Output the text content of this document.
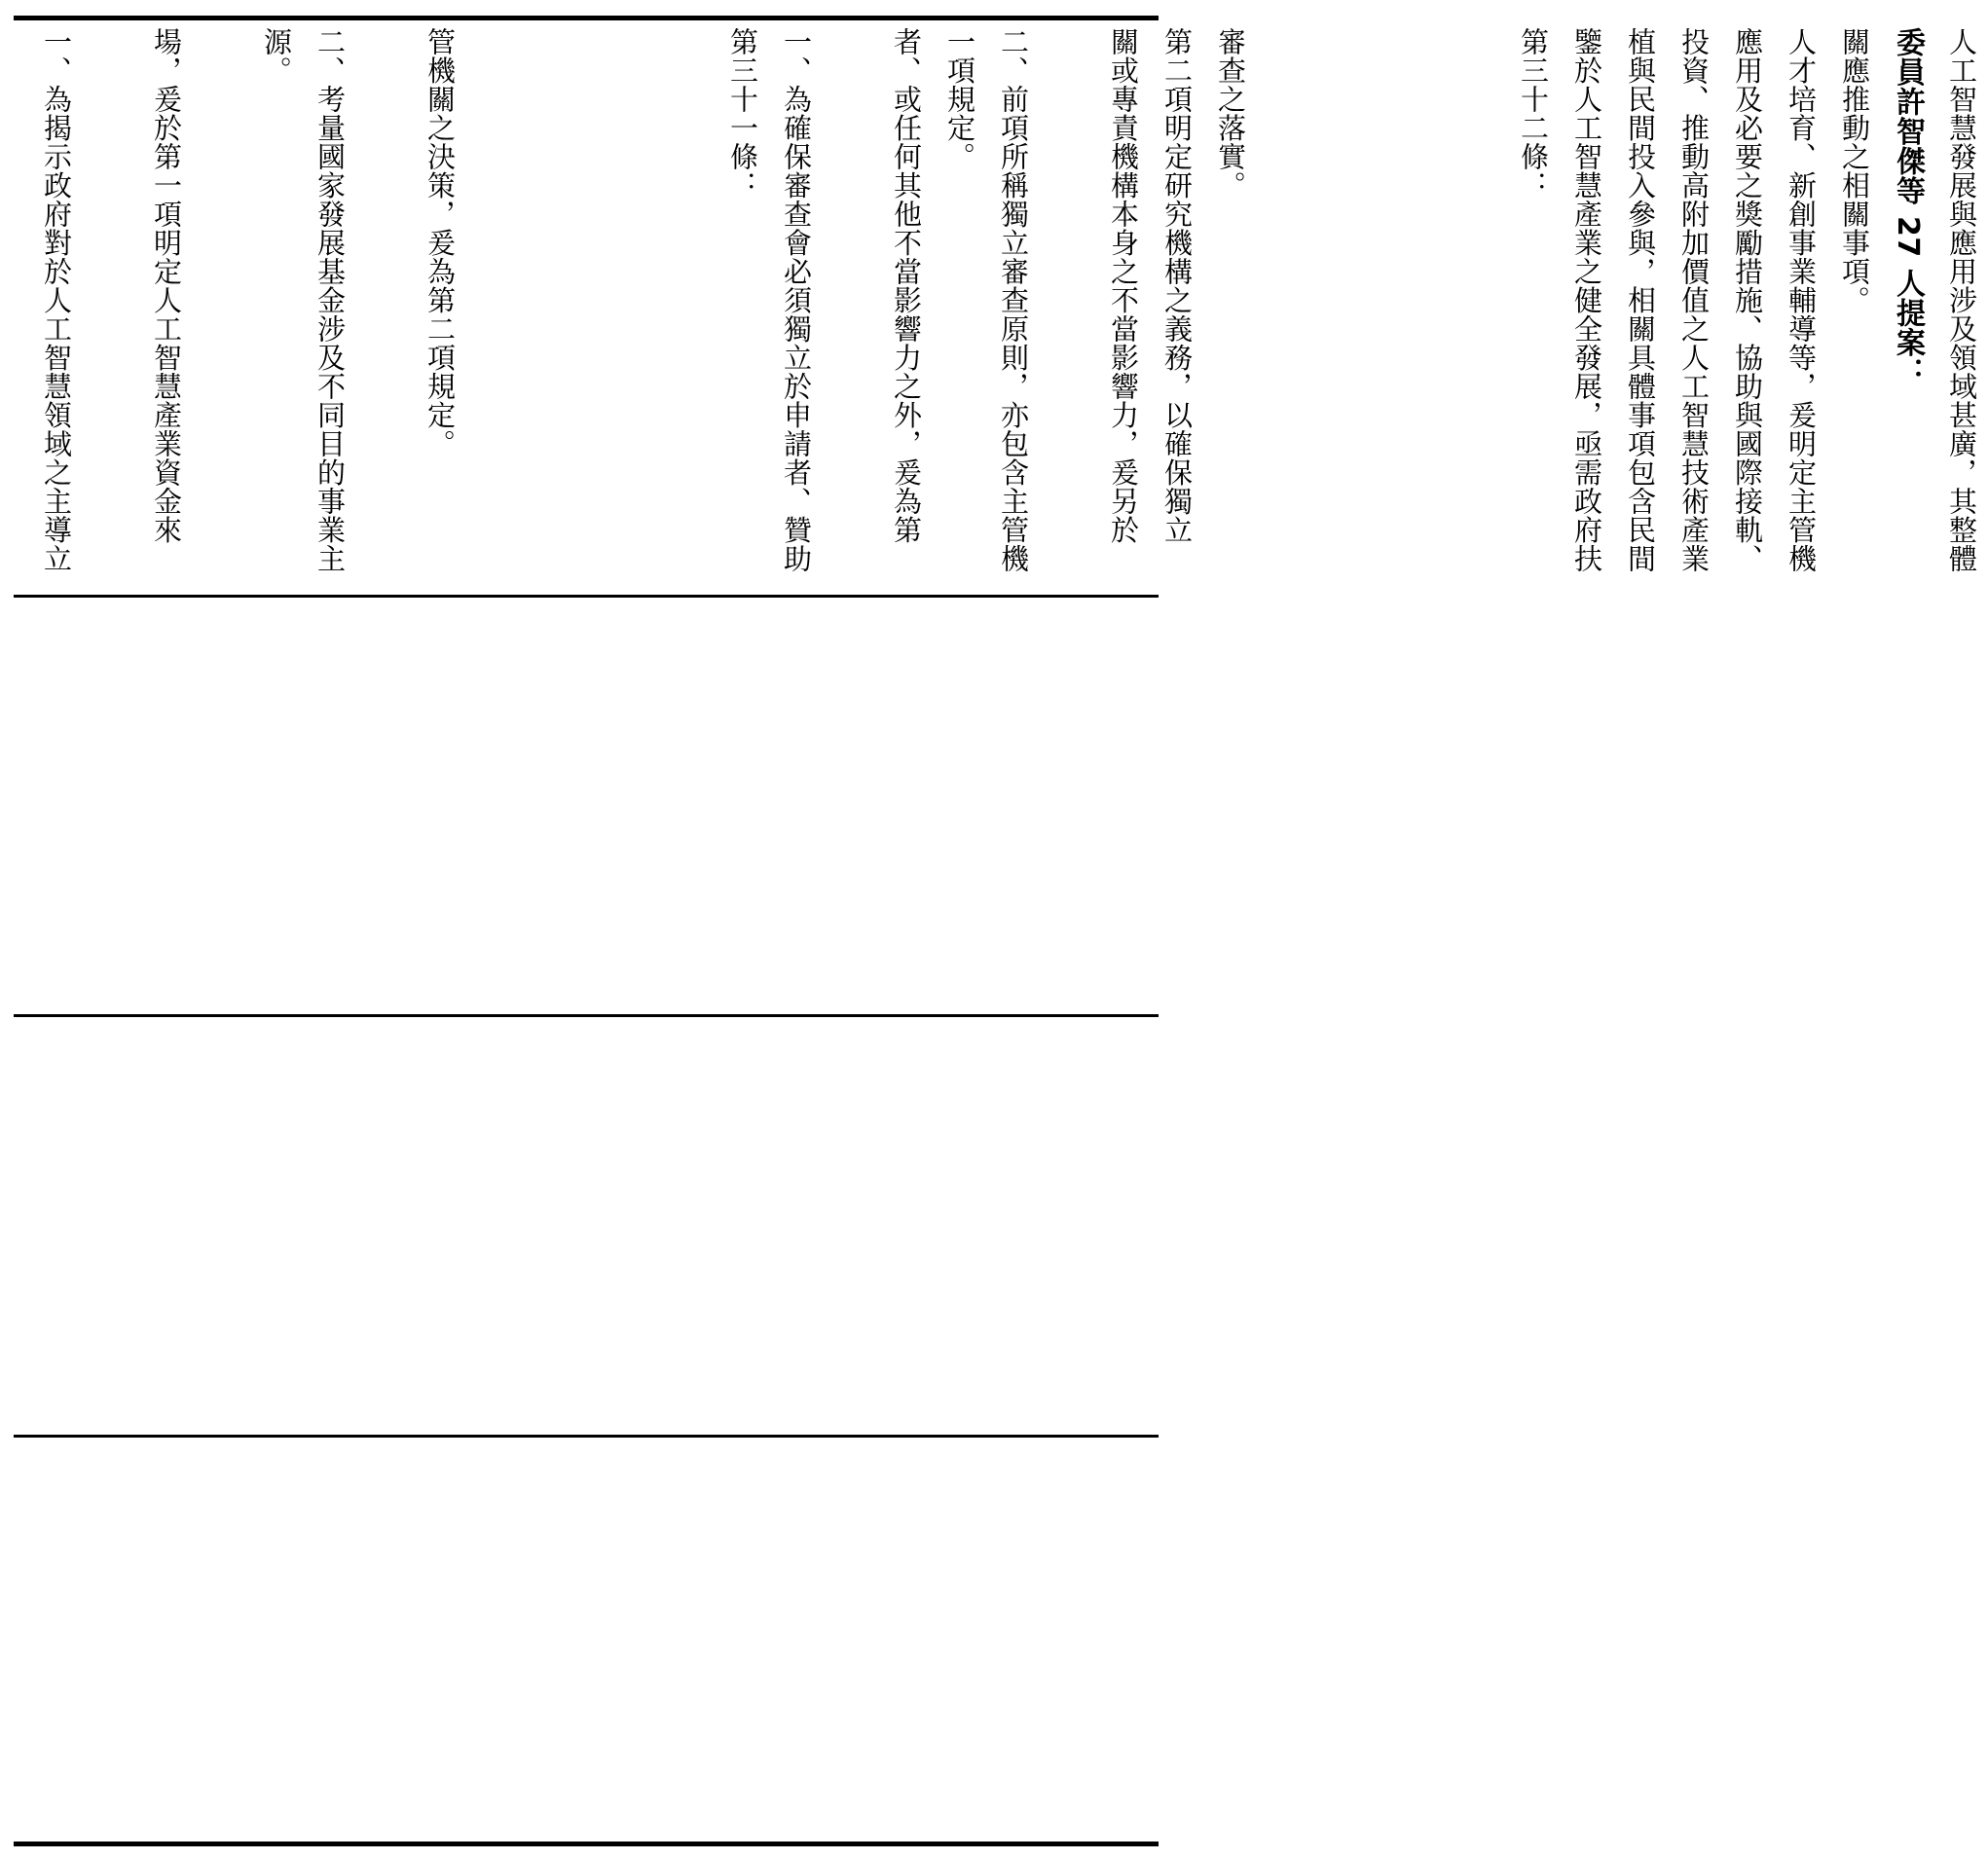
一、為揭示政府對於人工智慧領域之主導立	場，爰於第一項明定人工智慧產業資金來	源。 二、考量國家發展基金涉及不同目的事業主	管機關之決策，爰為第二項規定。	第三十一條： 一、為確保審查會必須獨立於申請者、贊助	者、或任何其他不當影響力之外，爰為第 一項規定。 二、前項所稱獨立審查原則，亦包含主管機	關或專責機構本身之不當影響力，爰另於 第二項明定研究機構之義務，以確保獨立 審查之落實。	第三十二條： 鑒於人工智慧產業之健全發展，亟需政府扶 植與民間投入參與，相關具體事項包含民間 投資、推動高附加價值之人工智慧技術產業 應用及必要之獎勵措施、協助與國際接軌、 人才培育、新創事業輔導等，爰明定主管機 關應推動之相關事項。 委員許智傑等 27 人提案： 人工智慧發展與應用涉及領域甚廣，其整體
